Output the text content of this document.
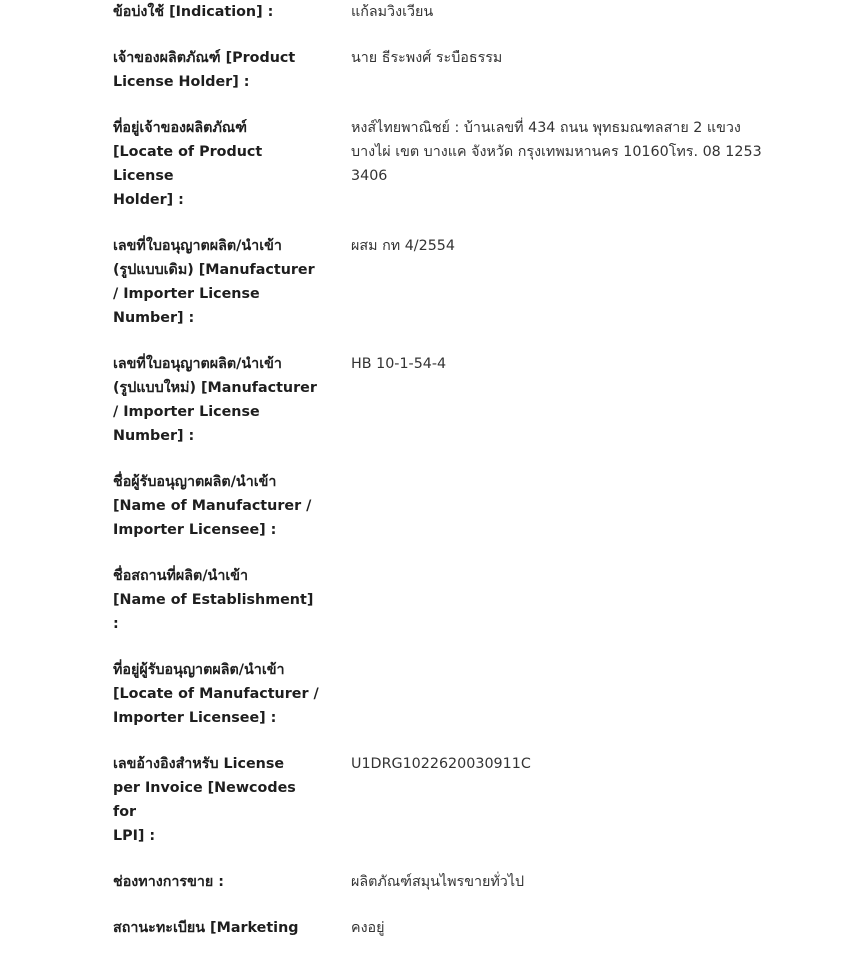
ข้อบ่งใช้ [Indication] :	แก้ลมวิงเวียน
เจ้าของผลิตภัณฑ์ [Product
License Holder] :
นาย ธีระพงศ์ ระบือธรรม
ที่อยู่เจ้าของผลิตภัณฑ์
[Locate of Product License
Holder] :
หงส์ไทยพาณิชย์ : บ้านเลขที่ 434 ถนน พุทธมณฑลสาย 2 แขวง
บางไผ่ เขต บางแค จังหวัด กรุงเทพมหานคร 10160โทร. 08 1253
3406
เลขที่ใบอนุญาตผลิต/นำเข้า
(รูปแบบเดิม) [Manufacturer
/ Importer License
Number] :
ผสม กท 4/2554
เลขที่ใบอนุญาตผลิต/นำเข้า
(รูปแบบใหม่) [Manufacturer
/ Importer License
Number] :
HB 10-1-54-4
ชื่อผู้รับอนุญาตผลิต/นำเข้า
[Name of Manufacturer /
Importer Licensee] :
ชื่อสถานที่ผลิต/นำเข้า
[Name of Establishment] :
ที่อยู่ผู้รับอนุญาตผลิต/นำเข้า
[Locate of Manufacturer /
Importer Licensee] :
เลขอ้างอิงสำหรับ License
per Invoice [Newcodes for
LPI] :
U1DRG1022620030911C
ช่องทางการขาย :	ผลิตภัณฑ์สมุนไพรขายทั่วไป
สถานะทะเบียน [Marketing	คงอยู่
